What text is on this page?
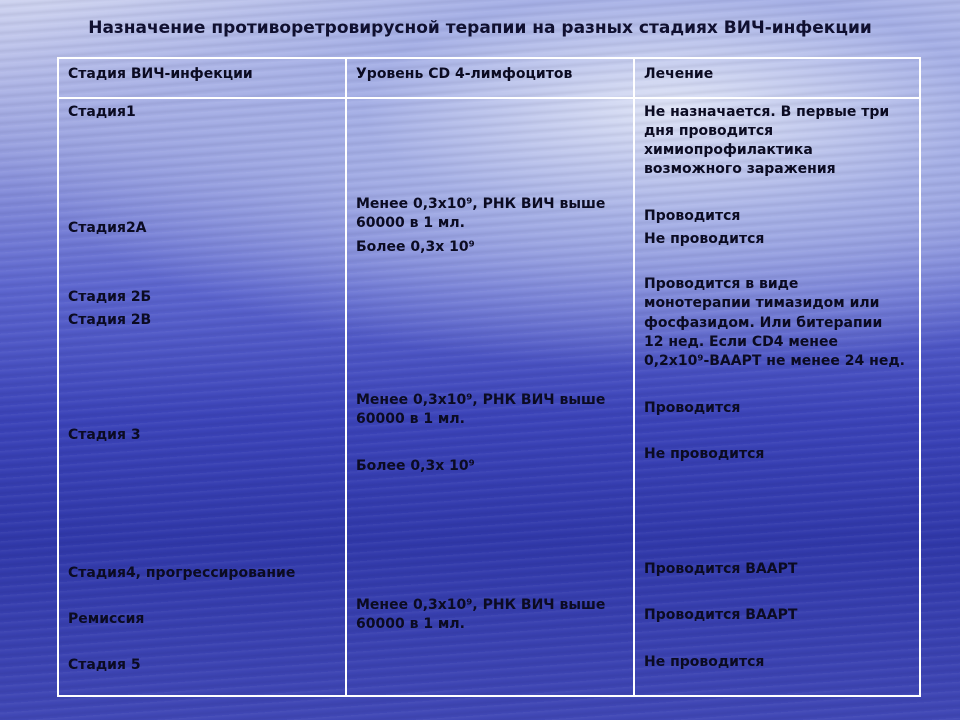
Назначение противоретровирусной терапии на разных стадиях ВИЧ-инфекции
Стадия ВИЧ-инфекции	Уровень CD 4-лимфоцитов	Лечение
Стадия1
Стадия2А
Стадия 2Б
Стадия 2В
Стадия 3
Стадия4, прогрессирование
Ремиссия
Стадия 5
Менее 0,3х10⁹, РНК ВИЧ выше
60000 в 1 мл.
Более 0,3х 10⁹
Менее 0,3х10⁹, РНК ВИЧ выше
60000 в 1 мл.
Более 0,3х 10⁹
Менее 0,3х10⁹, РНК ВИЧ выше
60000 в 1 мл.
Не назначается. В первые три
дня проводится
химиопрофилактика
возможного заражения
Проводится
Не проводится
Проводится в виде
монотерапии тимазидом или
фосфазидом. Или битерапии
12 нед. Если CD4 менее
0,2х10⁹-ВААРТ не менее 24 нед.
Проводится
Не проводится
Проводится ВААРТ
Проводится ВААРТ
Не проводится
